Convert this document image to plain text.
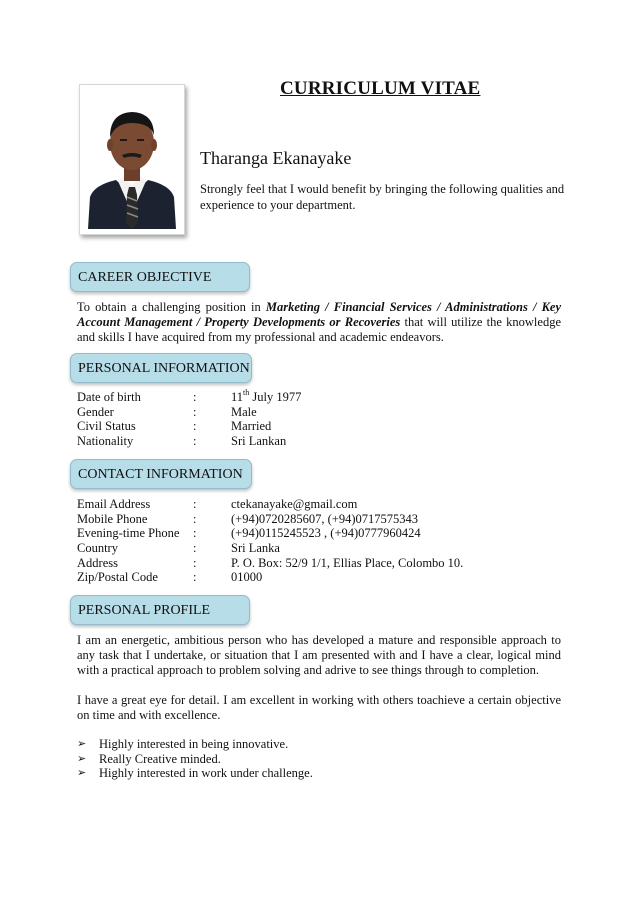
CURRICULUM VITAE
Tharanga Ekanayake
Strongly feel that I would benefit by bringing the following qualities and experience to your department.
CAREER OBJECTIVE
To obtain a challenging position in Marketing / Financial Services / Administrations / Key Account Management / Property Developments or Recoveries that will utilize the knowledge and skills I have acquired from my professional and academic endeavors.
PERSONAL INFORMATION
Date of birth	:	11th July 1977
Gender	:	Male
Civil Status	:	Married
Nationality	:	Sri Lankan
CONTACT INFORMATION
Email Address	:	ctekanayake@gmail.com
Mobile Phone	:	(+94)0720285607, (+94)0717575343
Evening-time Phone :	(+94)0115245523 , (+94)0777960424
Country	:	Sri Lanka
Address	:	P. O. Box: 52/9 1/1, Ellias Place, Colombo 10.
Zip/Postal Code	:	01000
PERSONAL PROFILE
I am an energetic, ambitious person who has developed a mature and responsible approach to any task that I undertake, or situation that I am presented with and I have a clear, logical mind with a practical approach to problem solving and adrive to see things through to completion.
I have a great eye for detail. I am excellent in working with others toachieve a certain objective on time and with excellence.
➢ Highly interested in being innovative.
➢ Really Creative minded.
➢ Highly interested in work under challenge.
